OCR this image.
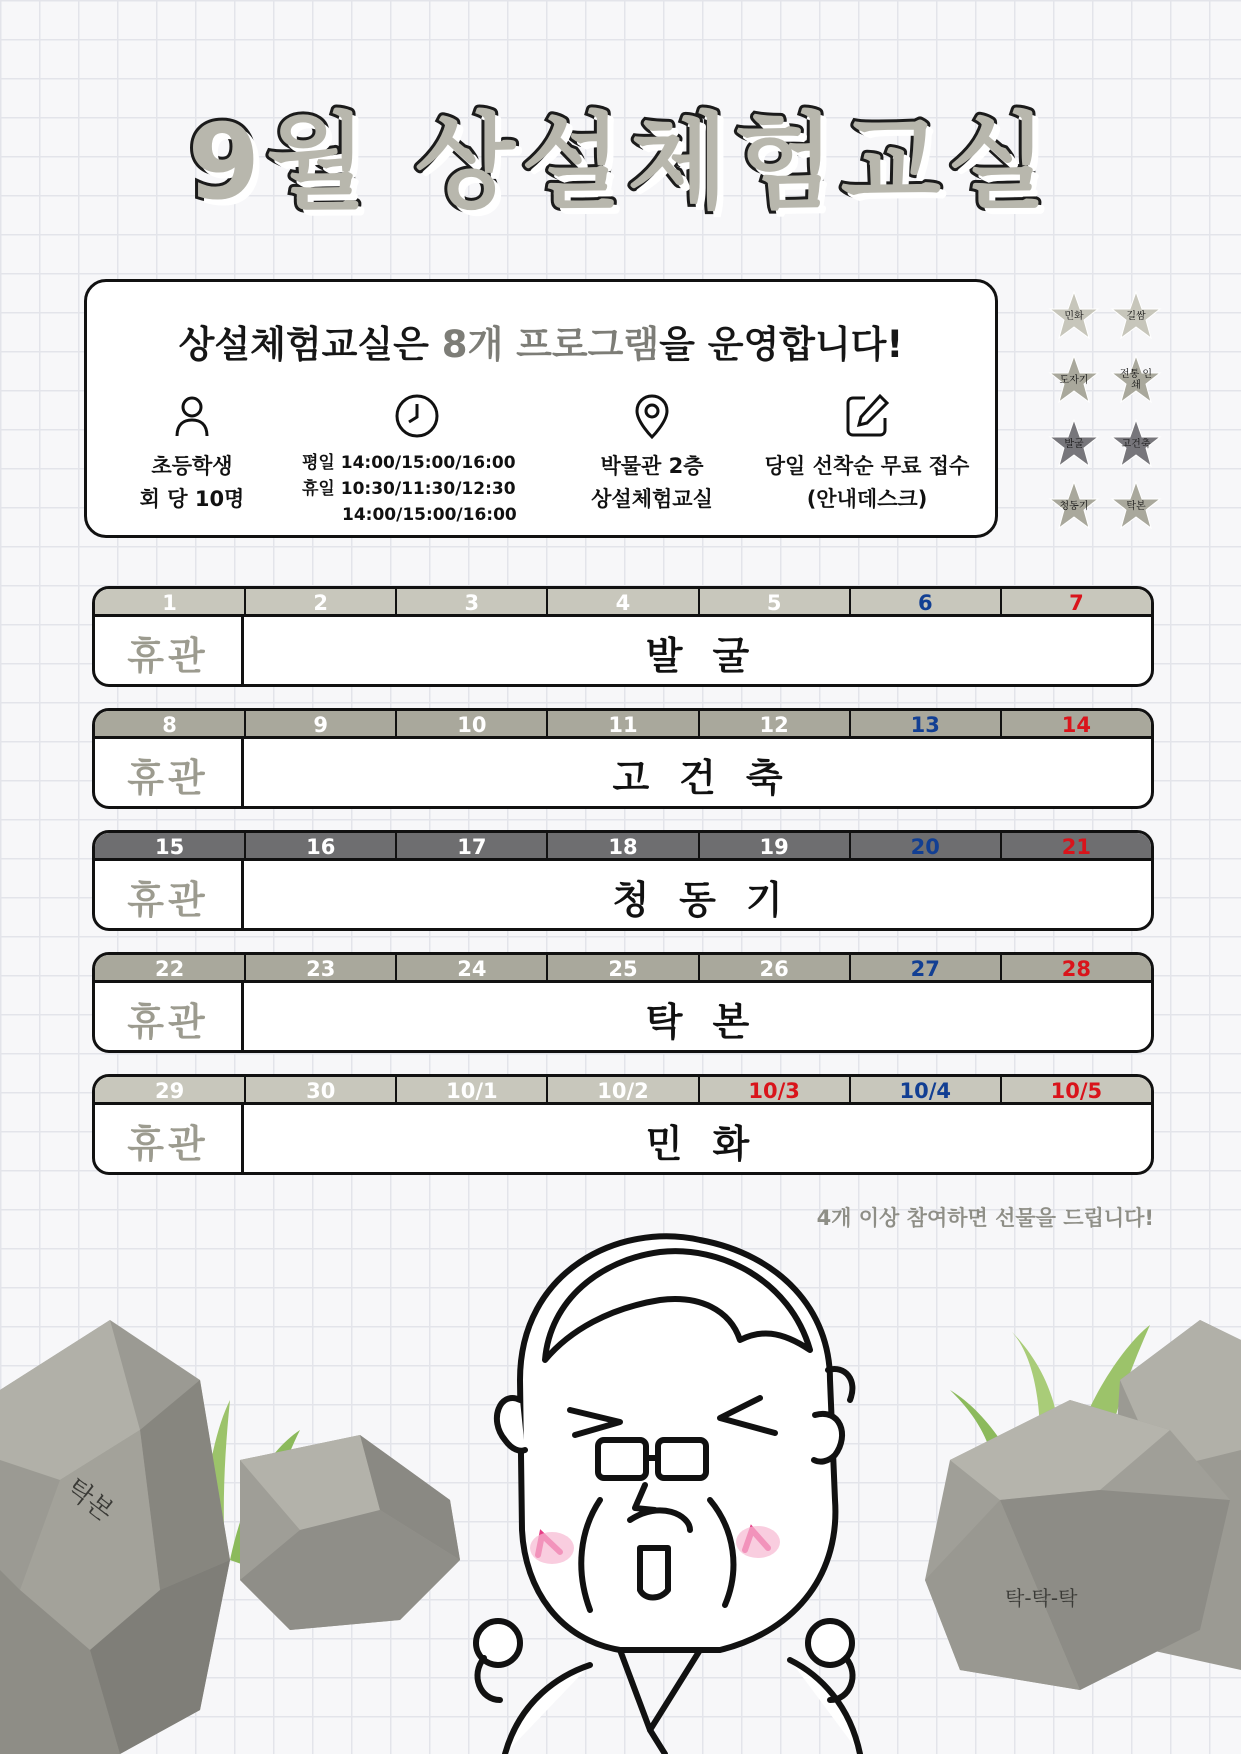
9월 상설체험교실
상설체험교실은 8개 프로그램을 운영합니다!
초등학생
회 당 10명
평일 14:00/15:00/16:00
휴일 10:30/11:30/12:30
14:00/15:00/16:00
박물관 2층
상설체험교실
당일 선착순 무료 접수
(안내데스크)
민화	길쌈
도자기	전통 인쇄
발굴	고건축
청동기	탁본
1	2	3	4	5	6	7
휴관	발굴
8	9	10	11	12	13	14
휴관	고건축
15	16	17	18	19	20	21
휴관	청동기
22	23	24	25	26	27	28
휴관	탁본
29	30	10/1	10/2	10/3	10/4	10/5
휴관	민화
4개 이상 참여하면 선물을 드립니다!
탁본
탁-탁-탁
